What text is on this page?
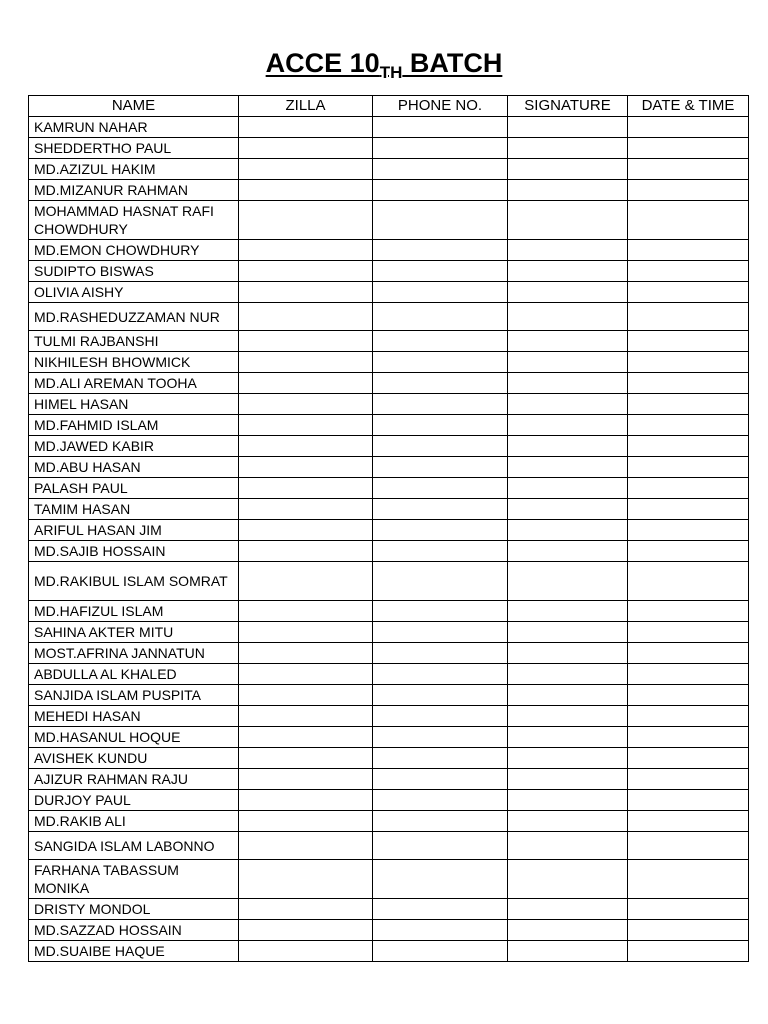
ACCE $10_{TH}$ BATCH
NAME	ZILLA	PHONE NO.	SIGNATURE	DATE & TIME
KAMRUN NAHAR				
SHEDDERTHO PAUL				
MD.AZIZUL HAKIM				
MD.MIZANUR RAHMAN				
MOHAMMAD HASNAT RAFI CHOWDHURY				
MD.EMON CHOWDHURY				
SUDIPTO BISWAS				
OLIVIA AISHY				
MD.RASHEDUZZAMAN NUR				
TULMI RAJBANSHI				
NIKHILESH BHOWMICK				
MD.ALI AREMAN TOOHA				
HIMEL HASAN				
MD.FAHMID ISLAM				
MD.JAWED KABIR				
MD.ABU HASAN				
PALASH PAUL				
TAMIM HASAN				
ARIFUL HASAN JIM				
MD.SAJIB HOSSAIN				
MD.RAKIBUL ISLAM SOMRAT				
MD.HAFIZUL ISLAM				
SAHINA AKTER MITU				
MOST.AFRINA JANNATUN				
ABDULLA AL KHALED				
SANJIDA ISLAM PUSPITA				
MEHEDI HASAN				
MD.HASANUL HOQUE				
AVISHEK KUNDU				
AJIZUR RAHMAN RAJU				
DURJOY PAUL				
MD.RAKIB ALI				
SANGIDA ISLAM LABONNO				
FARHANA TABASSUM MONIKA				
DRISTY MONDOL				
MD.SAZZAD HOSSAIN				
MD.SUAIBE HAQUE				
